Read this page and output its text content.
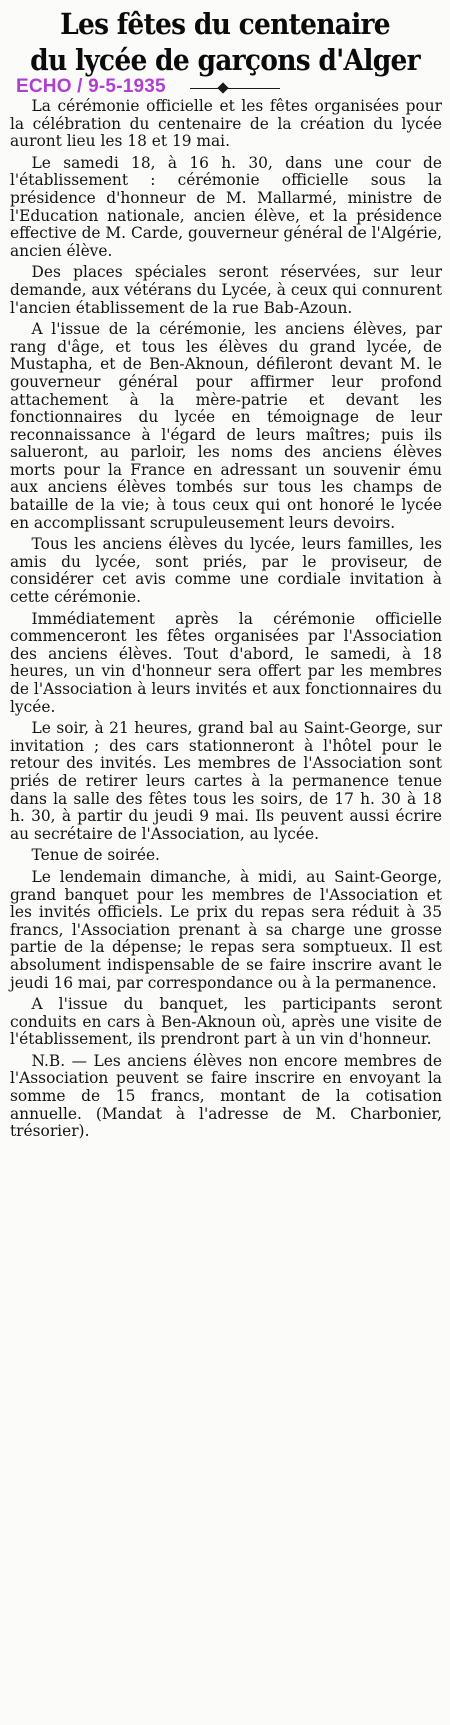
Les fêtes du centenaire
du lycée de garçons d'Alger
ECHO / 9-5-1935

La cérémonie officielle et les fêtes organisées pour la célébration du centenaire de la création du lycée auront lieu les 18 et 19 mai.

Le samedi 18, à 16 h. 30, dans une cour de l'établissement : cérémonie officielle sous la présidence d'honneur de M. Mallarmé, ministre de l'Education nationale, ancien élève, et la présidence effective de M. Carde, gouverneur général de l'Algérie, ancien élève.

Des places spéciales seront réservées, sur leur demande, aux vétérans du Lycée, à ceux qui connurent l'ancien établissement de la rue Bab-Azoun.

A l'issue de la cérémonie, les anciens élèves, par rang d'âge, et tous les élèves du grand lycée, de Mustapha, et de Ben-Aknoun, défileront devant M. le gouverneur général pour affirmer leur profond attachement à la mère-patrie et devant les fonctionnaires du lycée en témoignage de leur reconnaissance à l'égard de leurs maîtres; puis ils salueront, au parloir, les noms des anciens élèves morts pour la France en adressant un souvenir ému aux anciens élèves tombés sur tous les champs de bataille de la vie; à tous ceux qui ont honoré le lycée en accomplissant scrupuleusement leurs devoirs.

Tous les anciens élèves du lycée, leurs familles, les amis du lycée, sont priés, par le proviseur, de considérer cet avis comme une cordiale invitation à cette cérémonie.

Immédiatement après la cérémonie officielle commenceront les fêtes organisées par l'Association des anciens élèves. Tout d'abord, le samedi, à 18 heures, un vin d'honneur sera offert par les membres de l'Association à leurs invités et aux fonctionnaires du lycée.

Le soir, à 21 heures, grand bal au Saint-George, sur invitation ; des cars stationneront à l'hôtel pour le retour des invités. Les membres de l'Association sont priés de retirer leurs cartes à la permanence tenue dans la salle des fêtes tous les soirs, de 17 h. 30 à 18 h. 30, à partir du jeudi 9 mai. Ils peuvent aussi écrire au secrétaire de l'Association, au lycée.

Tenue de soirée.

Le lendemain dimanche, à midi, au Saint-George, grand banquet pour les membres de l'Association et les invités officiels. Le prix du repas sera réduit à 35 francs, l'Association prenant à sa charge une grosse partie de la dépense; le repas sera somptueux. Il est absolument indispensable de se faire inscrire avant le jeudi 16 mai, par correspondance ou à la permanence.

A l'issue du banquet, les participants seront conduits en cars à Ben-Aknoun où, après une visite de l'établissement, ils prendront part à un vin d'honneur.

N.B. — Les anciens élèves non encore membres de l'Association peuvent se faire inscrire en envoyant la somme de 15 francs, montant de la cotisation annuelle. (Mandat à l'adresse de M. Charbonier, trésorier).
